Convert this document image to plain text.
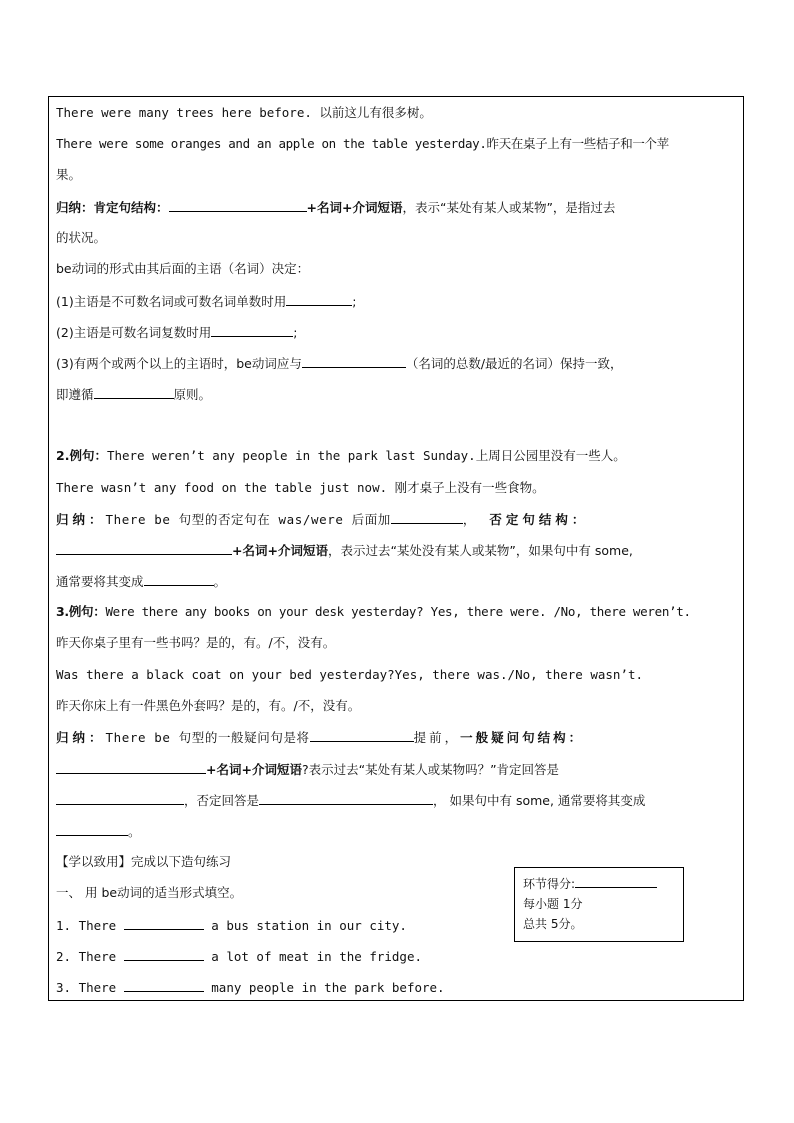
There were many trees here before. 以前这儿有很多树。
There were some oranges and an apple on the table yesterday.昨天在桌子上有一些桔子和一个苹
果。
归纳：肯定句结构：	+名词+介词短语，表示“某处有某人或某物”，是指过去
的状况。
be动词的形式由其后面的主语（名词）决定：
(1)主语是不可数名词或可数名词单数时用	;
(2)主语是可数名词复数时用	;
(3)有两个或两个以上的主语时，be动词应与	（名词的总数/最近的名词）保持一致，
即遵循	原则。
2.例句：There weren’t any people in the park last Sunday.上周日公园里没有一些人。
There wasn’t any food on the table just now. 刚才桌子上没有一些食物。
归纳：There be 句型的否定句在 was/were 后面加	， 否定句结构：
+名词+介词短语，表示过去“某处没有某人或某物”，如果句中有 some,
通常要将其变成	。
3.例句：Were there any books on your desk yesterday? Yes, there were. /No, there weren’t.
昨天你桌子里有一些书吗？是的，有。/不，没有。
Was there a black coat on your bed yesterday?Yes, there was./No, there wasn’t.
昨天你床上有一件黑色外套吗？是的，有。/不，没有。
归纳：There be 句型的一般疑问句是将	提前，一般疑问句结构：
+名词+介词短语?表示过去“某处有某人或某物吗？”肯定回答是
，否定回答是	， 如果句中有 some, 通常要将其变成
。
【学以致用】完成以下造句练习
一、 用 be动词的适当形式填空。
1. There	a bus station in our city.
2. There	a lot of meat in the fridge.
3. There	many people in the park before.
环节得分:
每小题 1分
总共 5分。
